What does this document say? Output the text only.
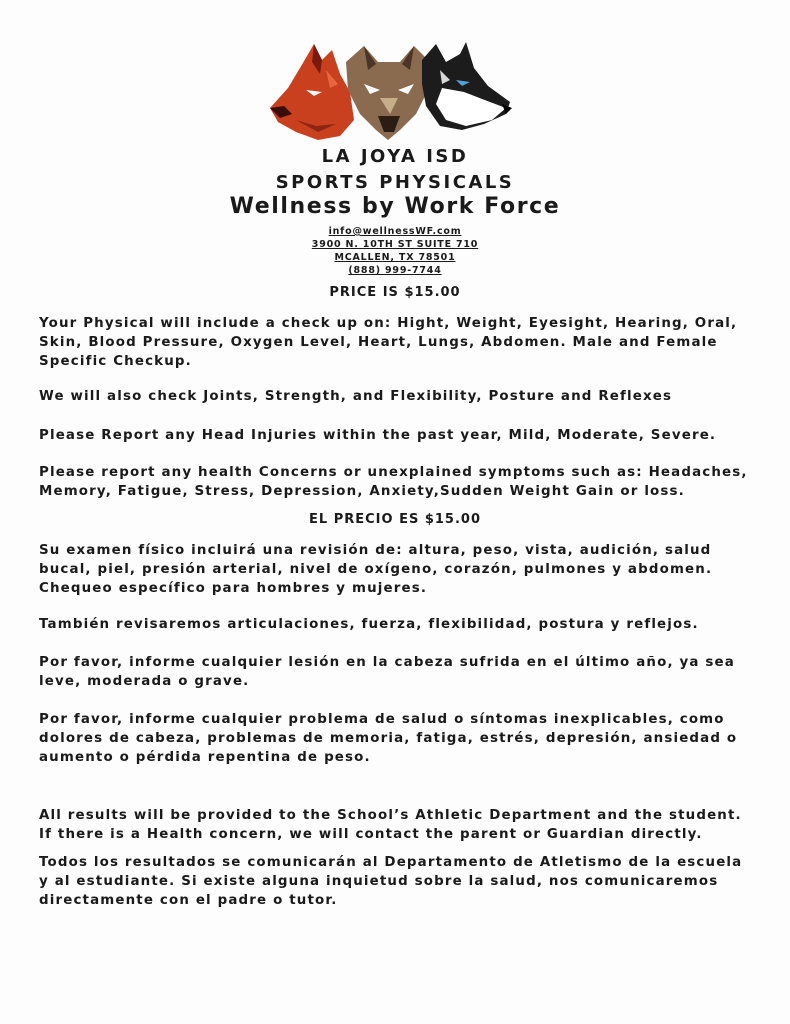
LA JOYA ISD
SPORTS PHYSICALS
Wellness by Work Force
info@wellnessWF.com
3900 N. 10TH ST SUITE 710
MCALLEN, TX 78501
(888) 999-7744
PRICE IS $15.00
Your Physical will include a check up on: Hight, Weight, Eyesight, Hearing, Oral,
Skin, Blood Pressure, Oxygen Level, Heart, Lungs, Abdomen. Male and Female
Specific Checkup.
We will also check Joints, Strength, and Flexibility, Posture and Reflexes
Please Report any Head Injuries within the past year, Mild, Moderate, Severe.
Please report any health Concerns or unexplained symptoms such as: Headaches,
Memory, Fatigue, Stress, Depression, Anxiety,Sudden Weight Gain or loss.
EL PRECIO ES $15.00
Su examen físico incluirá una revisión de: altura, peso, vista, audición, salud
bucal, piel, presión arterial, nivel de oxígeno, corazón, pulmones y abdomen.
Chequeo específico para hombres y mujeres.
También revisaremos articulaciones, fuerza, flexibilidad, postura y reflejos.
Por favor, informe cualquier lesión en la cabeza sufrida en el último año, ya sea
leve, moderada o grave.
Por favor, informe cualquier problema de salud o síntomas inexplicables, como
dolores de cabeza, problemas de memoria, fatiga, estrés, depresión, ansiedad o
aumento o pérdida repentina de peso.
All results will be provided to the School’s Athletic Department and the student.
If there is a Health concern, we will contact the parent or Guardian directly.
Todos los resultados se comunicarán al Departamento de Atletismo de la escuela
y al estudiante. Si existe alguna inquietud sobre la salud, nos comunicaremos
directamente con el padre o tutor.
